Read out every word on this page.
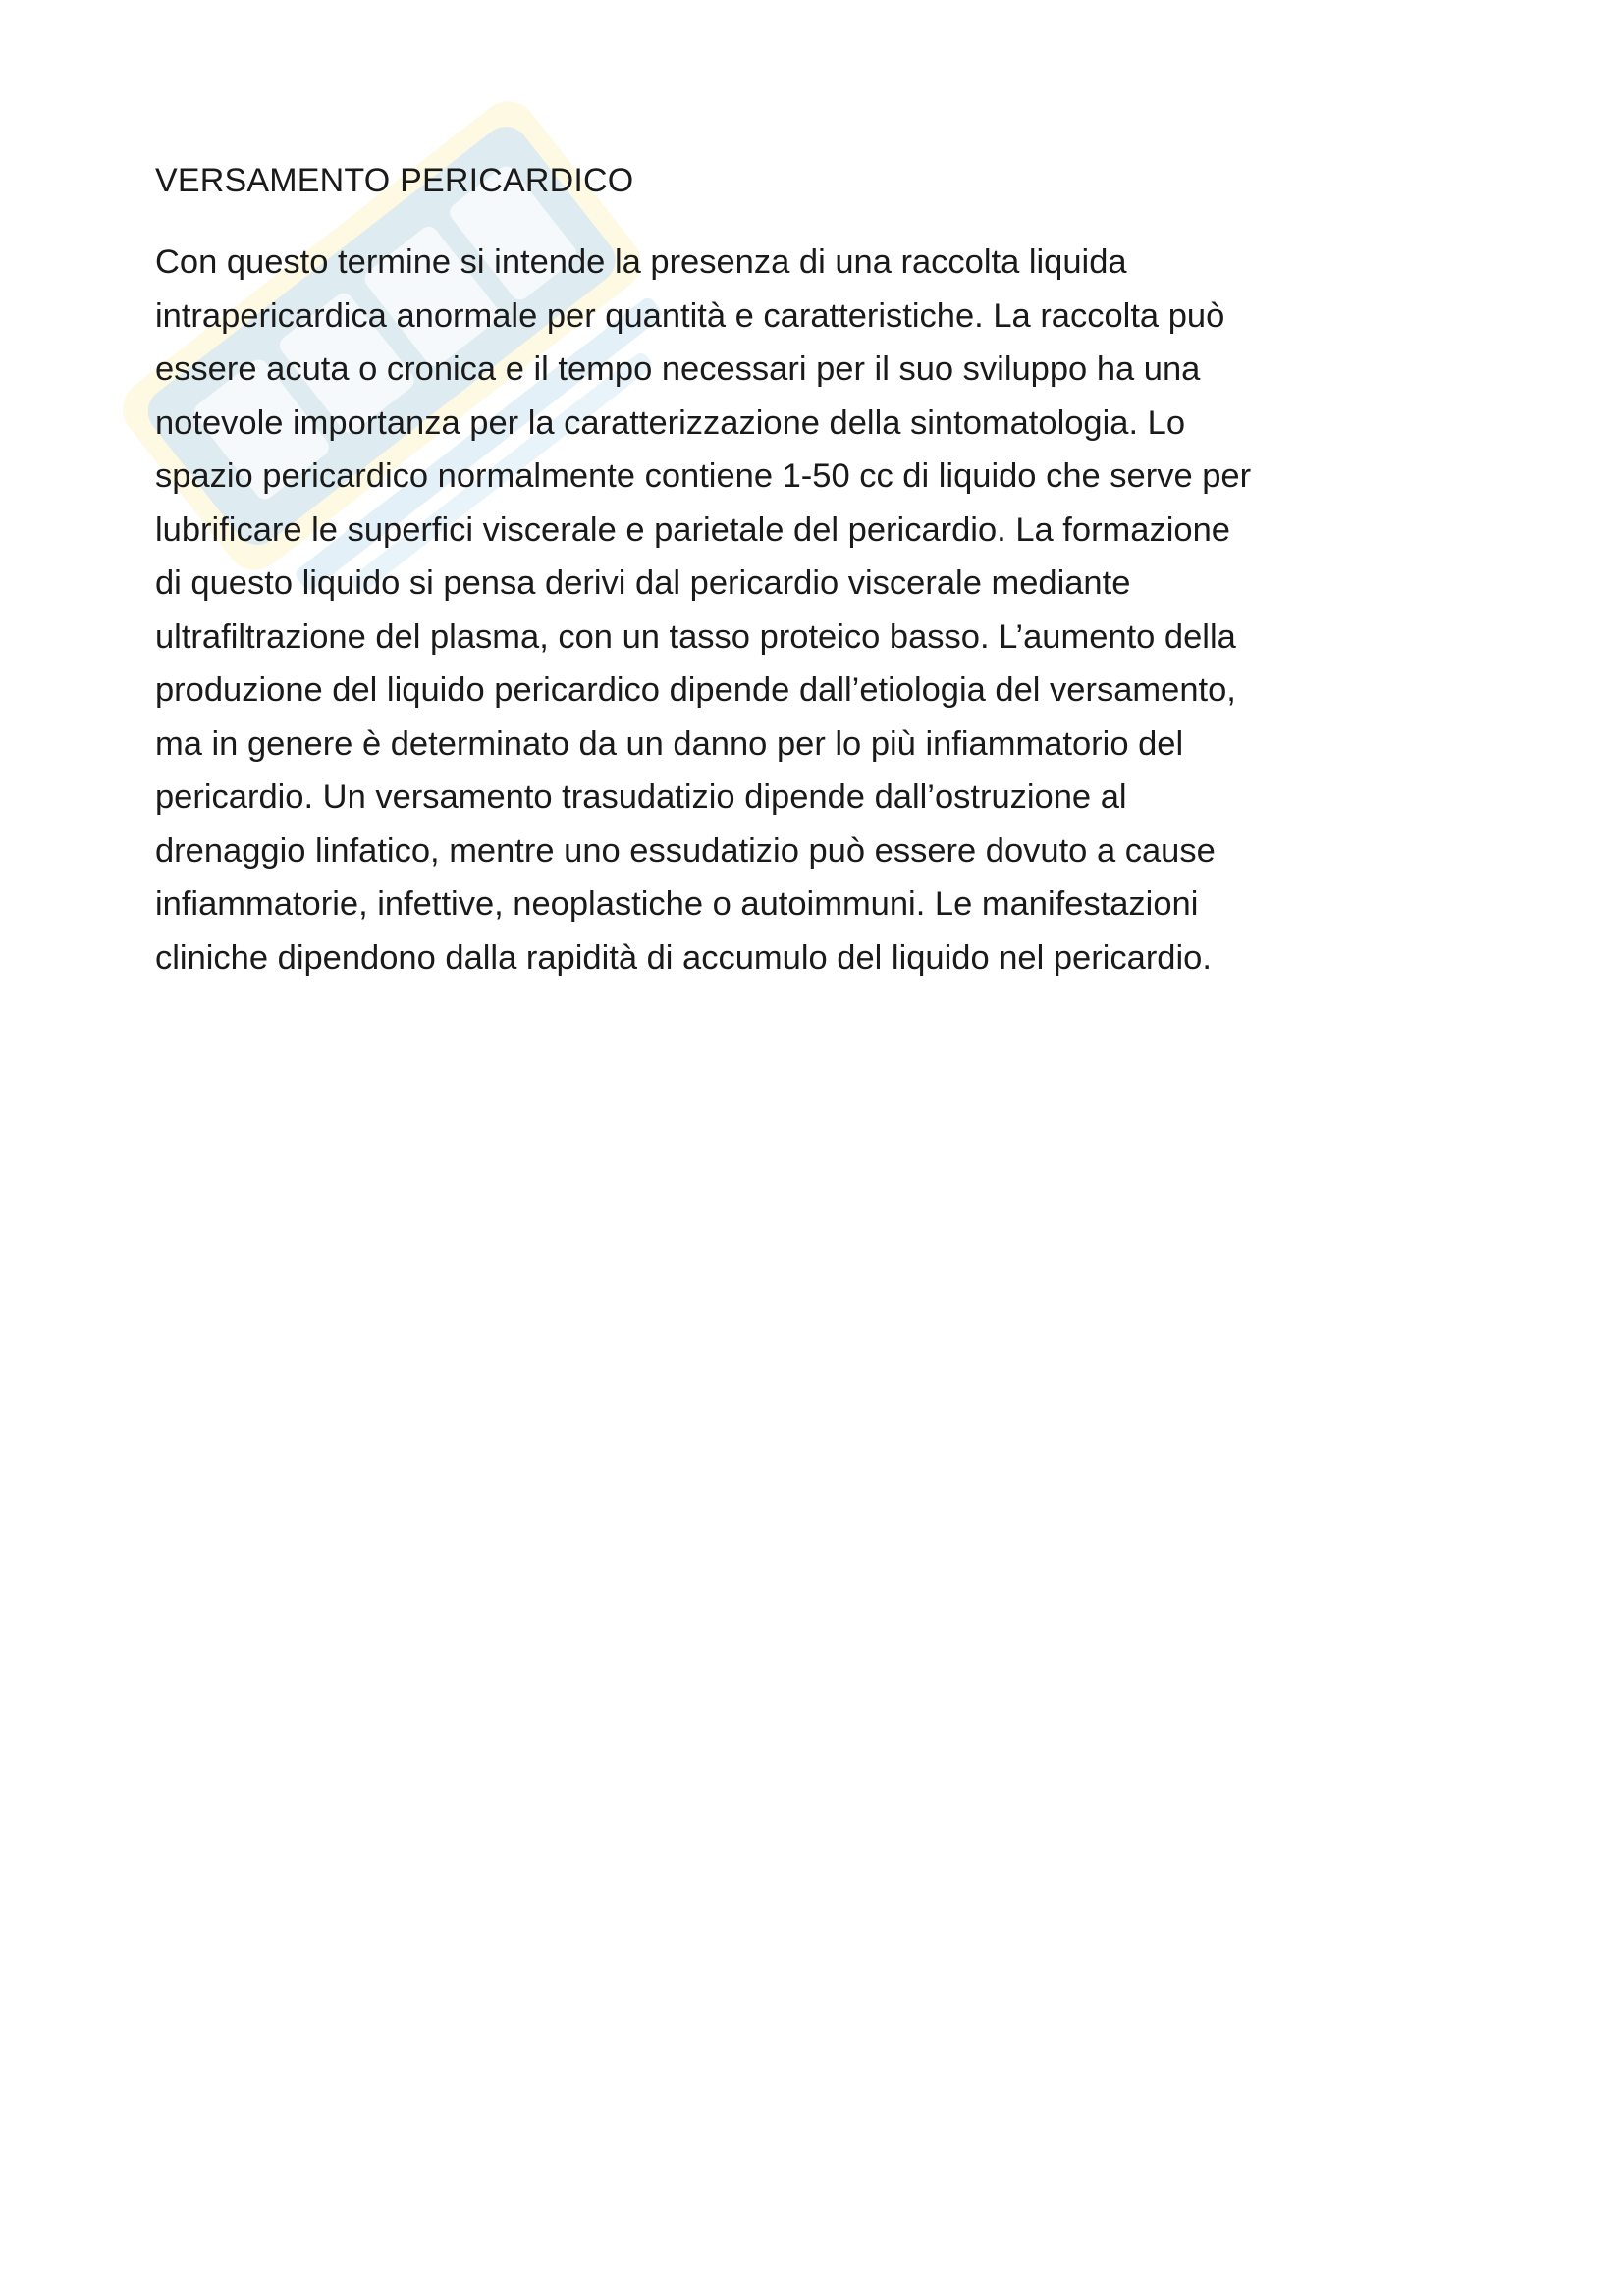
VERSAMENTO PERICARDICO

Con questo termine si intende la presenza di una raccolta liquida
intrapericardica anormale per quantità e caratteristiche. La raccolta può
essere acuta o cronica e il tempo necessari per il suo sviluppo ha una
notevole importanza per la caratterizzazione della sintomatologia. Lo
spazio pericardico normalmente contiene 1-50 cc di liquido che serve per
lubrificare le superfici viscerale e parietale del pericardio. La formazione
di questo liquido si pensa derivi dal pericardio viscerale mediante
ultrafiltrazione del plasma, con un tasso proteico basso. L’aumento della
produzione del liquido pericardico dipende dall’etiologia del versamento,
ma in genere è determinato da un danno per lo più infiammatorio del
pericardio. Un versamento trasudatizio dipende dall’ostruzione al
drenaggio linfatico, mentre uno essudatizio può essere dovuto a cause
infiammatorie, infettive, neoplastiche o autoimmuni. Le manifestazioni
cliniche dipendono dalla rapidità di accumulo del liquido nel pericardio.
